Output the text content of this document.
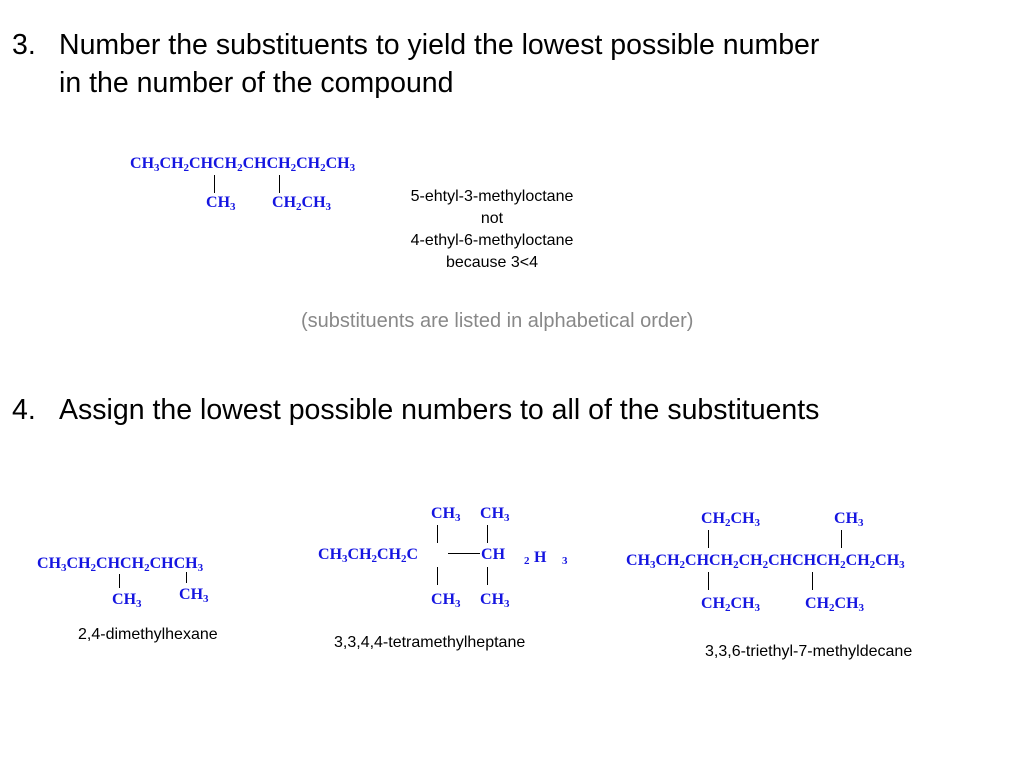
3. Number the substituents to yield the lowest possible number
in the number of the compound
$CH_3CH_2CHCH_2CHCH_2CH_2CH_3$
$CH_3$ $CH_2CH_3$
5-ehtyl-3-methyloctane
not
4-ethyl-6-methyloctane
because 3<4
(substituents are listed in alphabetical order)
4. Assign the lowest possible numbers to all of the substituents
$CH_3CH_2CHCH_2CHCH_3$
$CH_3$
$CH_3$
2,4-dimethylhexane
$CH_3$ $CH_3$
$CH_3CH_2CH_2C$	CH 2 H 3
$CH_3$ $CH_3$
3,3,4,4-tetramethylheptane
$CH_2CH_3$	$CH_3$
$CH_3CH_2CHCH_2CH_2CHCHCH_2CH_2CH_3$
$CH_2CH_3$	$CH_2CH_3$
3,3,6-triethyl-7-methyldecane
